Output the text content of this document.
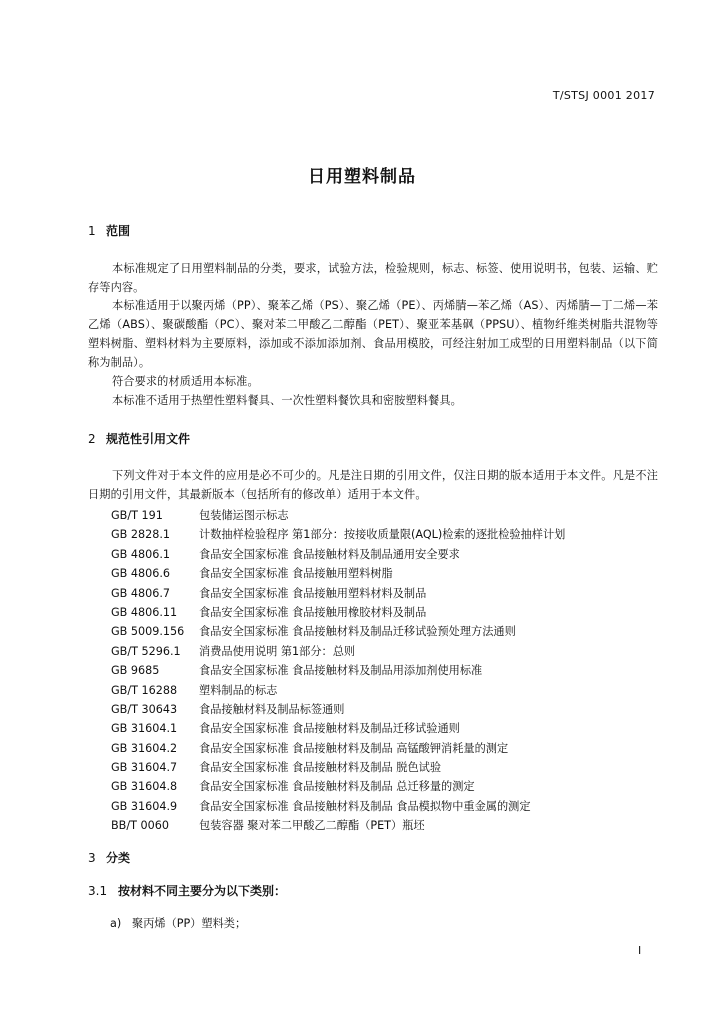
T/STSJ 0001 2017
日用塑料制品
1 范围
本标准规定了日用塑料制品的分类，要求，试验方法，检验规则，标志、标签、使用说明书，包装、运输、贮存等内容。
本标准适用于以聚丙烯（PP）、聚苯乙烯（PS）、聚乙烯（PE）、丙烯腈—苯乙烯（AS）、丙烯腈—丁二烯—苯乙烯（ABS）、聚碳酸酯（PC）、聚对苯二甲酸乙二醇酯（PET）、聚亚苯基砜（PPSU）、植物纤维类树脂共混物等塑料树脂、塑料材料为主要原料，添加或不添加添加剂、食品用模胶，可经注射加工成型的日用塑料制品（以下简称为制品）。
符合要求的材质适用本标准。
本标准不适用于热塑性塑料餐具、一次性塑料餐饮具和密胺塑料餐具。
2 规范性引用文件
下列文件对于本文件的应用是必不可少的。凡是注日期的引用文件，仅注日期的版本适用于本文件。凡是不注日期的引用文件，其最新版本（包括所有的修改单）适用于本文件。
GB/T 191	包装储运图示标志
GB 2828.1	计数抽样检验程序 第1部分：按接收质量限(AQL)检索的逐批检验抽样计划
GB 4806.1	食品安全国家标准 食品接触材料及制品通用安全要求
GB 4806.6	食品安全国家标准 食品接触用塑料树脂
GB 4806.7	食品安全国家标准 食品接触用塑料材料及制品
GB 4806.11 食品安全国家标准 食品接触用橡胶材料及制品
GB 5009.156 食品安全国家标准 食品接触材料及制品迁移试验预处理方法通则
GB/T 5296.1 消费品使用说明 第1部分：总则
GB 9685	食品安全国家标准 食品接触材料及制品用添加剂使用标准
GB/T 16288 塑料制品的标志
GB/T 30643 食品接触材料及制品标签通则
GB 31604.1 食品安全国家标准 食品接触材料及制品迁移试验通则
GB 31604.2 食品安全国家标准 食品接触材料及制品 高锰酸钾消耗量的测定
GB 31604.7 食品安全国家标准 食品接触材料及制品 脱色试验
GB 31604.8 食品安全国家标准 食品接触材料及制品 总迁移量的测定
GB 31604.9 食品安全国家标准 食品接触材料及制品 食品模拟物中重金属的测定
BB/T 0060	包装容器 聚对苯二甲酸乙二醇酯（PET）瓶坯
3 分类
3.1 按材料不同主要分为以下类别：
a) 聚丙烯（PP）塑料类；
I
